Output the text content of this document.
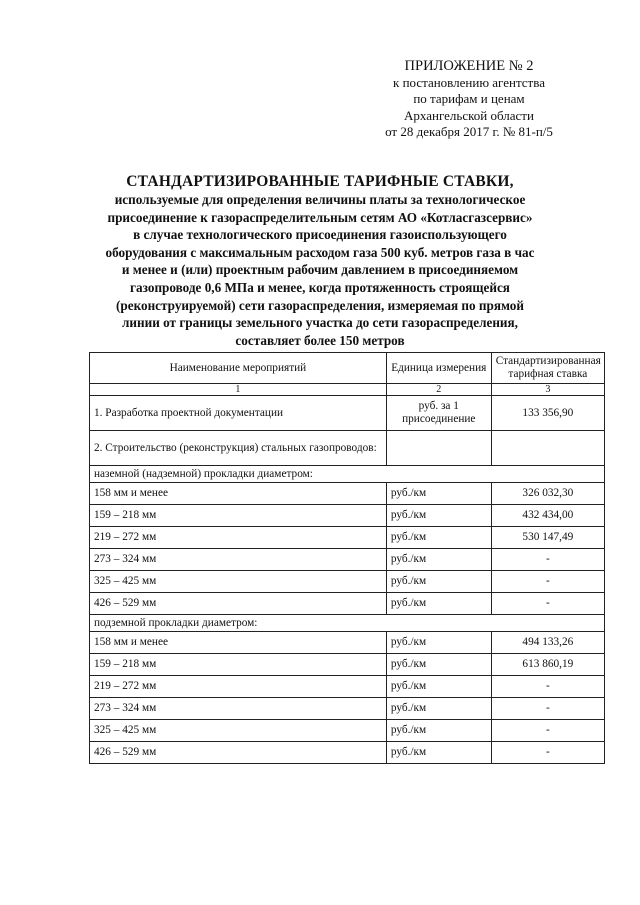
ПРИЛОЖЕНИЕ № 2
к постановлению агентства
по тарифам и ценам
Архангельской области
от 28 декабря 2017 г. № 81-п/5
СТАНДАРТИЗИРОВАННЫЕ ТАРИФНЫЕ СТАВКИ,
используемые для определения величины платы за технологическое
присоединение к газораспределительным сетям АО «Котласгазсервис»
в случае технологического присоединения газоиспользующего
оборудования с максимальным расходом газа 500 куб. метров газа в час
и менее и (или) проектным рабочим давлением в присоединяемом
газопроводе 0,6 МПа и менее, когда протяженность строящейся
(реконструируемой) сети газораспределения, измеряемая по прямой
линии от границы земельного участка до сети газораспределения,
составляет более 150 метров
Наименование мероприятий	Единица измерения	Стандартизированная тарифная ставка
1	2	3
1. Разработка проектной документации	руб. за 1 присоединение	133 356,90
2. Строительство (реконструкция) стальных газопроводов:		
наземной (надземной) прокладки диаметром:		
158 мм и менее	руб./км	326 032,30
159 – 218 мм	руб./км	432 434,00
219 – 272 мм	руб./км	530 147,49
273 – 324 мм	руб./км	-
325 – 425 мм	руб./км	-
426 – 529 мм	руб./км	-
подземной прокладки диаметром:		
158 мм и менее	руб./км	494 133,26
159 – 218 мм	руб./км	613 860,19
219 – 272 мм	руб./км	-
273 – 324 мм	руб./км	-
325 – 425 мм	руб./км	-
426 – 529 мм	руб./км	-
